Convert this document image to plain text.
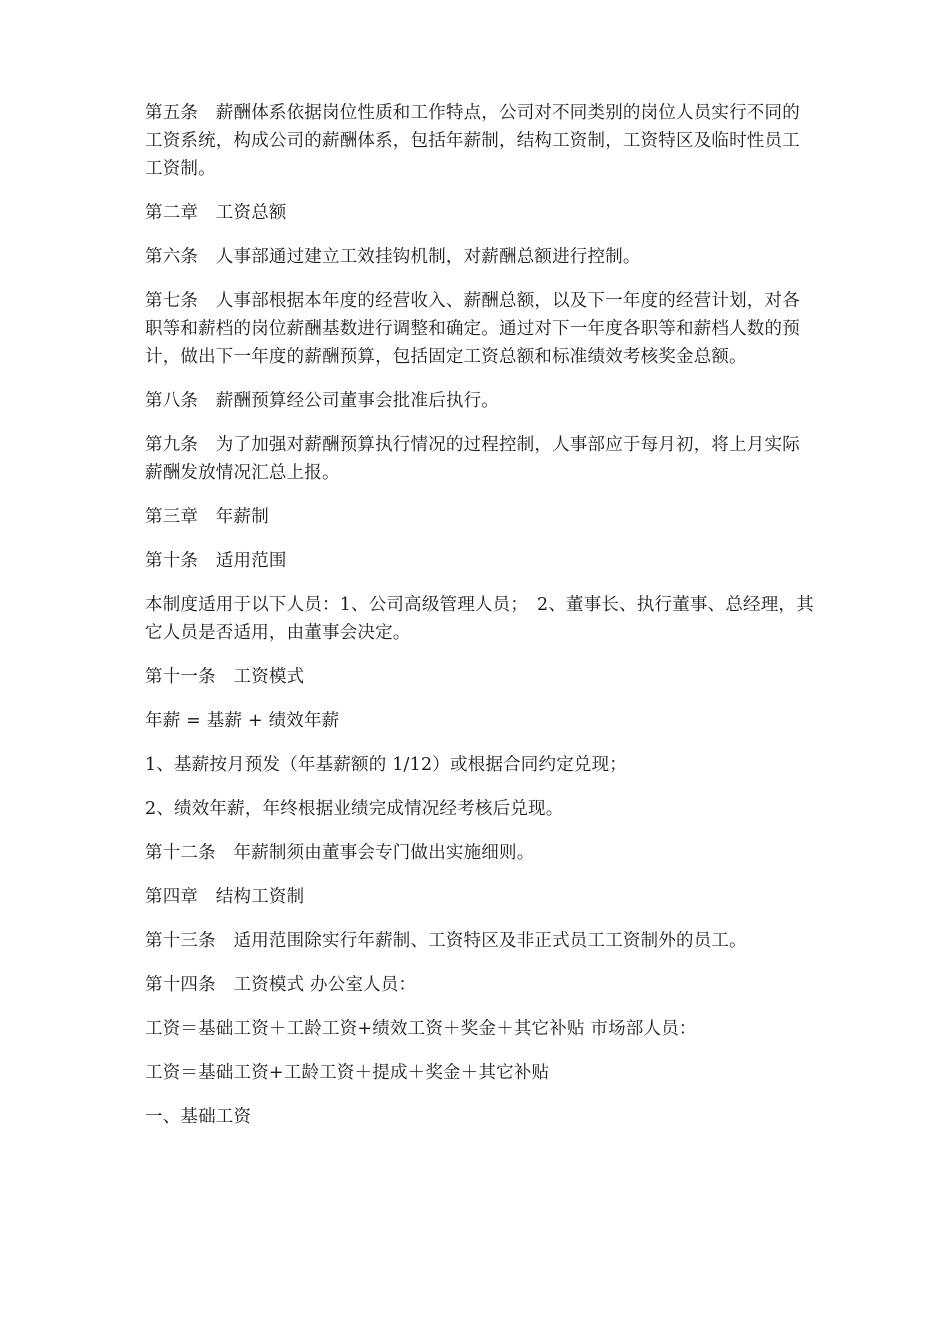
第五条　薪酬体系依据岗位性质和工作特点，公司对不同类别的岗位人员实行不同的工资系统，构成公司的薪酬体系，包括年薪制，结构工资制，工资特区及临时性员工工资制。

第二章　工资总额

第六条　人事部通过建立工效挂钩机制，对薪酬总额进行控制。

第七条　人事部根据本年度的经营收入、薪酬总额，以及下一年度的经营计划，对各职等和薪档的岗位薪酬基数进行调整和确定。通过对下一年度各职等和薪档人数的预计，做出下一年度的薪酬预算，包括固定工资总额和标准绩效考核奖金总额。

第八条　薪酬预算经公司董事会批准后执行。

第九条　为了加强对薪酬预算执行情况的过程控制，人事部应于每月初，将上月实际薪酬发放情况汇总上报。

第三章　年薪制

第十条　适用范围

本制度适用于以下人员：1、公司高级管理人员；　2、董事长、执行董事、总经理，其它人员是否适用，由董事会决定。

第十一条　工资模式

年薪 = 基薪 + 绩效年薪

1、基薪按月预发（年基薪额的 1/12）或根据合同约定兑现；

2、绩效年薪，年终根据业绩完成情况经考核后兑现。

第十二条　年薪制须由董事会专门做出实施细则。

第四章　结构工资制

第十三条　适用范围除实行年薪制、工资特区及非正式员工工资制外的员工。

第十四条　工资模式 办公室人员：

工资＝基础工资＋工龄工资+绩效工资＋奖金＋其它补贴 市场部人员：

工资＝基础工资+工龄工资＋提成＋奖金＋其它补贴

一、基础工资
